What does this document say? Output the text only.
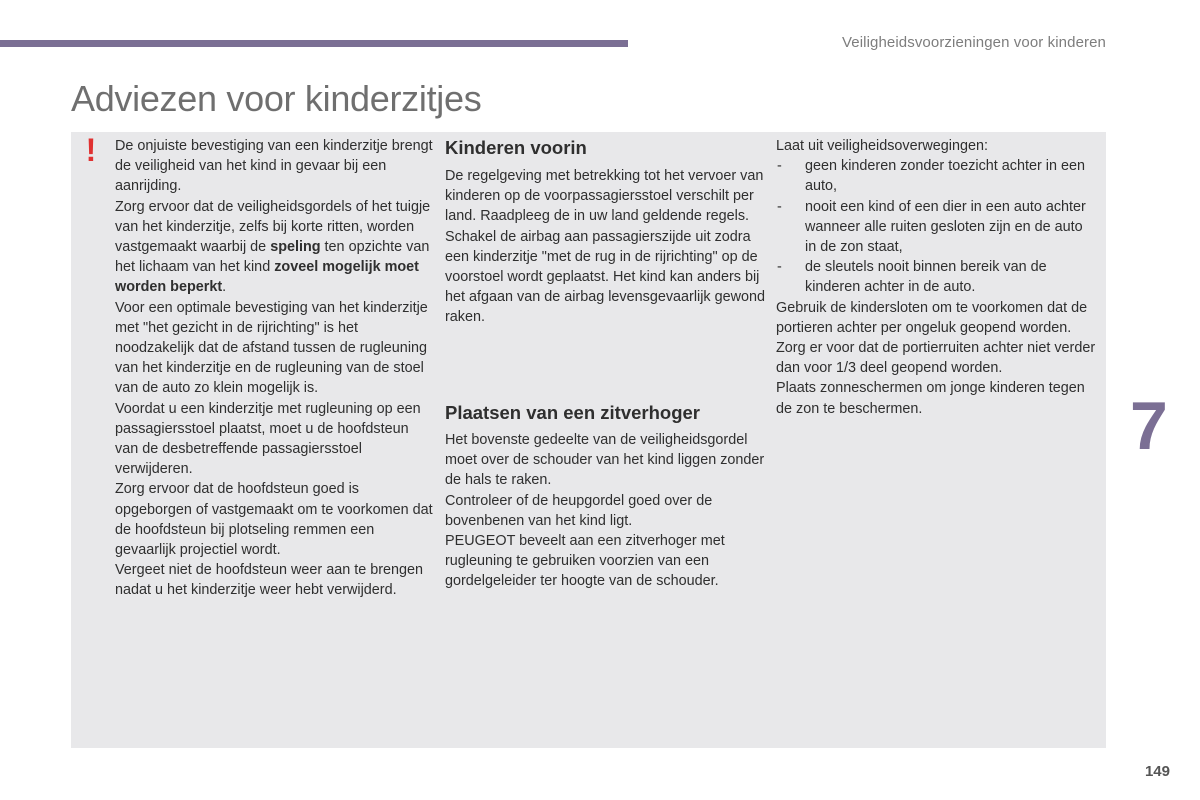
Veiligheidsvoorzieningen voor kinderen
Adviezen voor kinderzitjes
! De onjuiste bevestiging van een kinderzitje brengt de veiligheid van het kind in gevaar bij een aanrijding.

Zorg ervoor dat de veiligheidsgordels of het tuigje van het kinderzitje, zelfs bij korte ritten, worden vastgemaakt waarbij de speling ten opzichte van het lichaam van het kind zoveel mogelijk moet worden beperkt.

Voor een optimale bevestiging van het kinderzitje met "het gezicht in de rijrichting" is het noodzakelijk dat de afstand tussen de rugleuning van het kinderzitje en de rugleuning van de stoel van de auto zo klein mogelijk is.

Voordat u een kinderzitje met rugleuning op een passagiersstoel plaatst, moet u de hoofdsteun van de desbetreffende passagiersstoel verwijderen.

Zorg ervoor dat de hoofdsteun goed is opgeborgen of vastgemaakt om te voorkomen dat de hoofdsteun bij plotseling remmen een gevaarlijk projectiel wordt.

Vergeet niet de hoofdsteun weer aan te brengen nadat u het kinderzitje weer hebt verwijderd.

Kinderen voorin

De regelgeving met betrekking tot het vervoer van kinderen op de voorpassagiersstoel verschilt per land. Raadpleeg de in uw land geldende regels.

Schakel de airbag aan passagierszijde uit zodra een kinderzitje "met de rug in de rijrichting" op de voorstoel wordt geplaatst. Het kind kan anders bij het afgaan van de airbag levensgevaarlijk gewond raken.

Plaatsen van een zitverhoger

Het bovenste gedeelte van de veiligheidsgordel moet over de schouder van het kind liggen zonder de hals te raken.

Controleer of de heupgordel goed over de bovenbenen van het kind ligt.

PEUGEOT beveelt aan een zitverhoger met rugleuning te gebruiken voorzien van een gordelgeleider ter hoogte van de schouder.

Laat uit veiligheidsoverwegingen:

- geen kinderen zonder toezicht achter in een auto,
- nooit een kind of een dier in een auto achter wanneer alle ruiten gesloten zijn en de auto in de zon staat,
- de sleutels nooit binnen bereik van de kinderen achter in de auto.

Gebruik de kindersloten om te voorkomen dat de portieren achter per ongeluk geopend worden.

Zorg er voor dat de portierruiten achter niet verder dan voor 1/3 deel geopend worden.

Plaats zonneschermen om jonge kinderen tegen de zon te beschermen.	7
149
